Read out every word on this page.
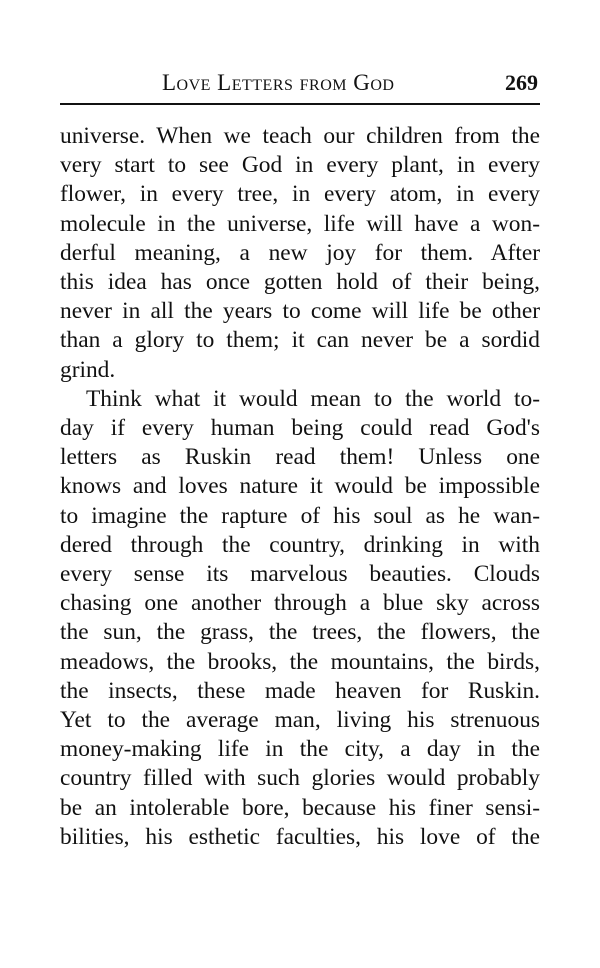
Love Letters from God	269
universe. When we teach our children from the
very start to see God in every plant, in every
flower, in every tree, in every atom, in every
molecule in the universe, life will have a won-
derful meaning, a new joy for them. After
this idea has once gotten hold of their being,
never in all the years to come will life be other
than a glory to them; it can never be a sordid
grind.
Think what it would mean to the world to-
day if every human being could read God's
letters as Ruskin read them! Unless one
knows and loves nature it would be impossible
to imagine the rapture of his soul as he wan-
dered through the country, drinking in with
every sense its marvelous beauties. Clouds
chasing one another through a blue sky across
the sun, the grass, the trees, the flowers, the
meadows, the brooks, the mountains, the birds,
the insects, these made heaven for Ruskin.
Yet to the average man, living his strenuous
money-making life in the city, a day in the
country filled with such glories would probably
be an intolerable bore, because his finer sensi-
bilities, his esthetic faculties, his love of the
